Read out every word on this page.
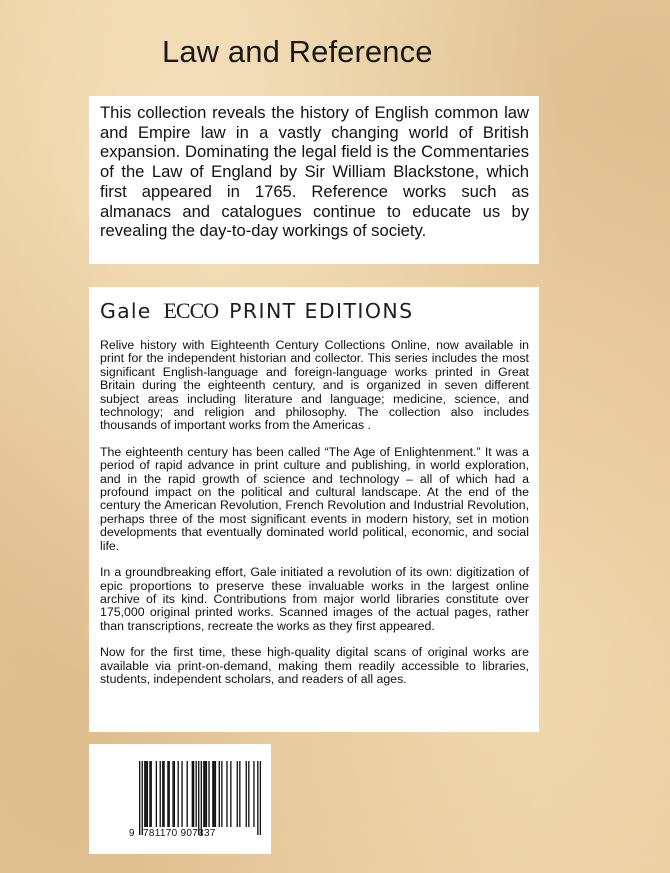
Law and Reference

This collection reveals the history of English common law and Empire law in a vastly changing world of British expansion. Dominating the legal field is the Commentaries of the Law of England by Sir William Blackstone, which first appeared in 1765. Reference works such as almanacs and catalogues continue to educate us by revealing the day-to-day workings of society.

Gale ECCO PRINT EDITIONS

Relive history with Eighteenth Century Collections Online, now available in print for the independent historian and collector. This series includes the most significant English-language and foreign-language works printed in Great Britain during the eighteenth century, and is organized in seven different subject areas including literature and language; medicine, science, and technology; and religion and philosophy. The collection also includes thousands of important works from the Americas .

The eighteenth century has been called “The Age of Enlightenment.” It was a period of rapid advance in print culture and publishing, in world exploration, and in the rapid growth of science and technology – all of which had a profound impact on the political and cultural landscape. At the end of the century the American Revolution, French Revolution and Industrial Revolution, perhaps three of the most significant events in modern history, set in motion developments that eventually dominated world political, economic, and social life.

In a groundbreaking effort, Gale initiated a revolution of its own: digitization of epic proportions to preserve these invaluable works in the largest online archive of its kind. Contributions from major world libraries constitute over 175,000 original printed works. Scanned images of the actual pages, rather than transcriptions, recreate the works as they first appeared.

Now for the first time, these high-quality digital scans of original works are available via print-on-demand, making them readily accessible to libraries, students, independent scholars, and readers of all ages.

9 781170 907337
